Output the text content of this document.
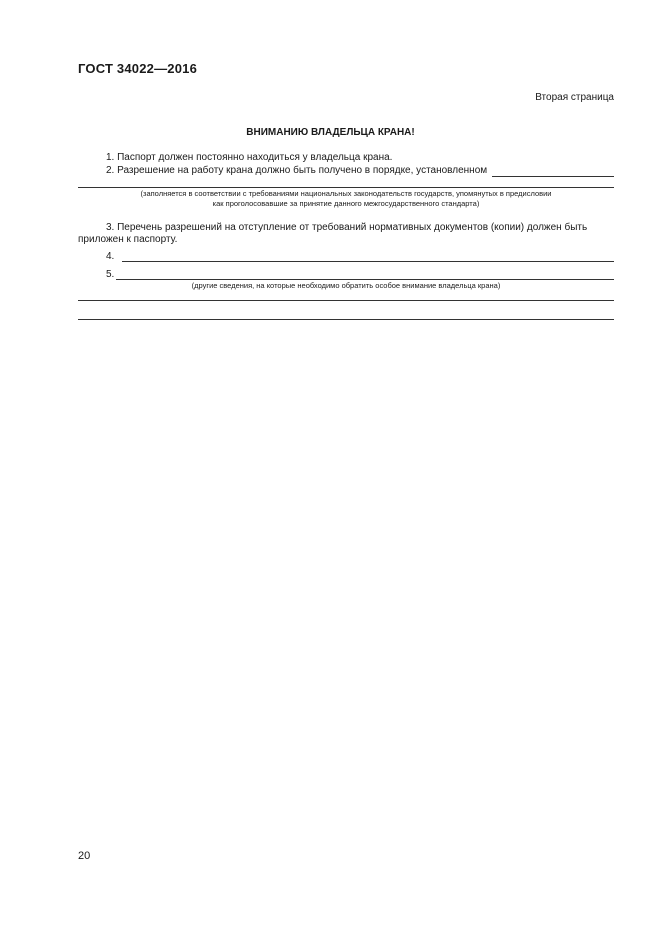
ГОСТ 34022—2016
Вторая страница
ВНИМАНИЮ ВЛАДЕЛЬЦА КРАНА!
1. Паспорт должен постоянно находиться у владельца крана.
2. Разрешение на работу крана должно быть получено в порядке, установленном
(заполняется в соответствии с требованиями национальных законодательств государств, упомянутых в предисловии
как проголосовавшие за принятие данного межгосударственного стандарта)
3. Перечень разрешений на отступление от требований нормативных документов (копии) должен быть приложен к паспорту.
4.
5.
(другие сведения, на которые необходимо обратить особое внимание владельца крана)
20
